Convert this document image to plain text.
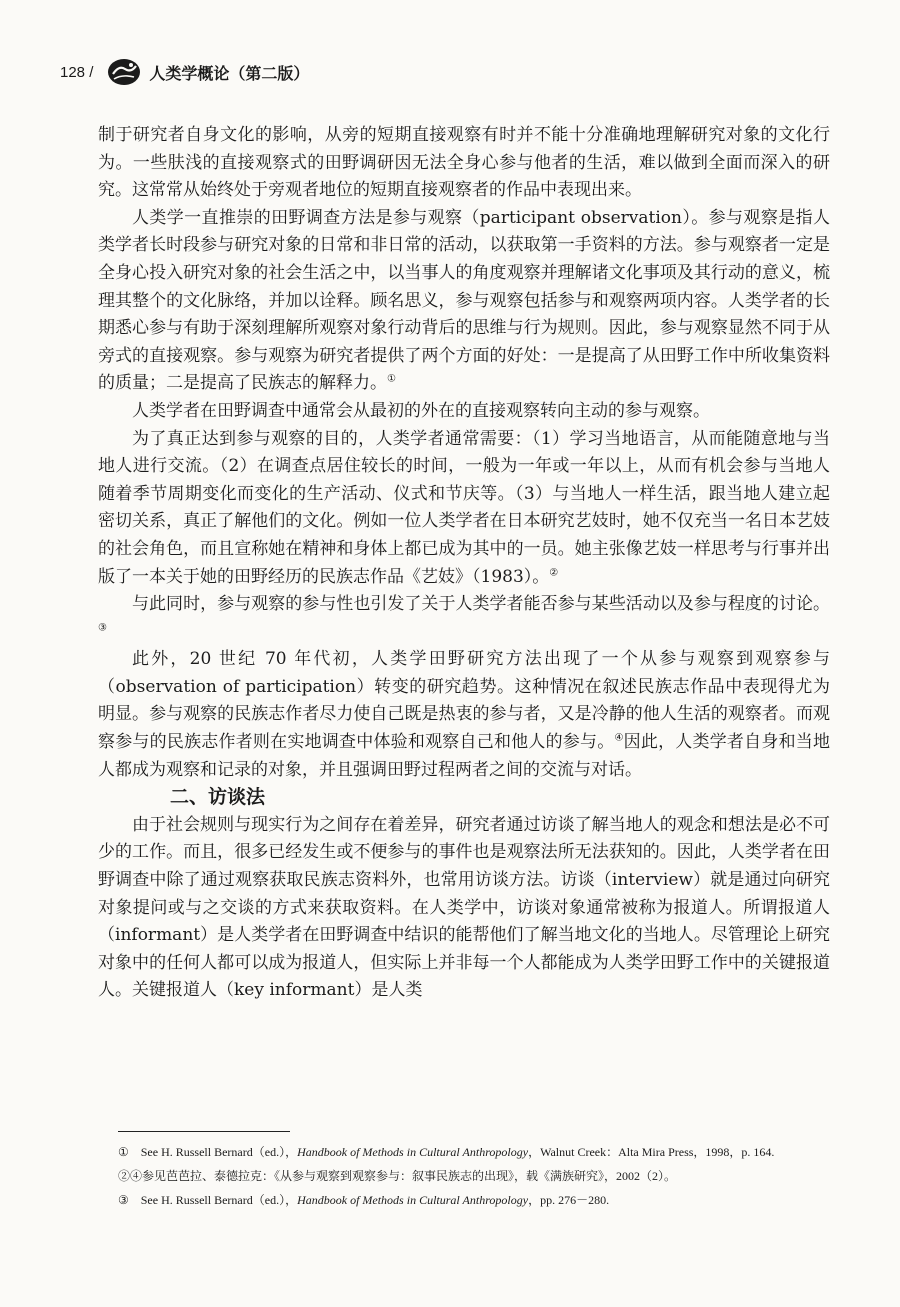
128 /	人类学概论（第二版）

制于研究者自身文化的影响，从旁的短期直接观察有时并不能十分准确地理解研究对象的文化行为。一些肤浅的直接观察式的田野调研因无法全身心参与他者的生活，难以做到全面而深入的研究。这常常从始终处于旁观者地位的短期直接观察者的作品中表现出来。

人类学一直推崇的田野调查方法是参与观察（participant observation）。参与观察是指人类学者长时段参与研究对象的日常和非日常的活动，以获取第一手资料的方法。参与观察者一定是全身心投入研究对象的社会生活之中，以当事人的角度观察并理解诸文化事项及其行动的意义，梳理其整个的文化脉络，并加以诠释。顾名思义，参与观察包括参与和观察两项内容。人类学者的长期悉心参与有助于深刻理解所观察对象行动背后的思维与行为规则。因此，参与观察显然不同于从旁式的直接观察。参与观察为研究者提供了两个方面的好处：一是提高了从田野工作中所收集资料的质量；二是提高了民族志的解释力。①

人类学者在田野调查中通常会从最初的外在的直接观察转向主动的参与观察。

为了真正达到参与观察的目的，人类学者通常需要：（1）学习当地语言，从而能随意地与当地人进行交流。（2）在调查点居住较长的时间，一般为一年或一年以上，从而有机会参与当地人随着季节周期变化而变化的生产活动、仪式和节庆等。（3）与当地人一样生活，跟当地人建立起密切关系，真正了解他们的文化。例如一位人类学者在日本研究艺妓时，她不仅充当一名日本艺妓的社会角色，而且宣称她在精神和身体上都已成为其中的一员。她主张像艺妓一样思考与行事并出版了一本关于她的田野经历的民族志作品《艺妓》（1983）。②

与此同时，参与观察的参与性也引发了关于人类学者能否参与某些活动以及参与程度的讨论。③

此外，20 世纪 70 年代初，人类学田野研究方法出现了一个从参与观察到观察参与（observation of participation）转变的研究趋势。这种情况在叙述民族志作品中表现得尤为明显。参与观察的民族志作者尽力使自己既是热衷的参与者，又是冷静的他人生活的观察者。而观察参与的民族志作者则在实地调查中体验和观察自己和他人的参与。④因此，人类学者自身和当地人都成为观察和记录的对象，并且强调田野过程两者之间的交流与对话。

二、访谈法

由于社会规则与现实行为之间存在着差异，研究者通过访谈了解当地人的观念和想法是必不可少的工作。而且，很多已经发生或不便参与的事件也是观察法所无法获知的。因此，人类学者在田野调查中除了通过观察获取民族志资料外，也常用访谈方法。访谈（interview）就是通过向研究对象提问或与之交谈的方式来获取资料。在人类学中，访谈对象通常被称为报道人。所谓报道人（informant）是人类学者在田野调查中结识的能帮他们了解当地文化的当地人。尽管理论上研究对象中的任何人都可以成为报道人，但实际上并非每一个人都能成为人类学田野工作中的关键报道人。关键报道人（key informant）是人类

①　See H. Russell Bernard（ed.），Handbook of Methods in Cultural Anthropology，Walnut Creek：Alta Mira Press，1998，p. 164.

②④参见芭芭拉、泰德拉克：《从参与观察到观察参与：叙事民族志的出现》，载《满族研究》，2002（2）。

③　See H. Russell Bernard（ed.），Handbook of Methods in Cultural Anthropology，pp. 276－280.
